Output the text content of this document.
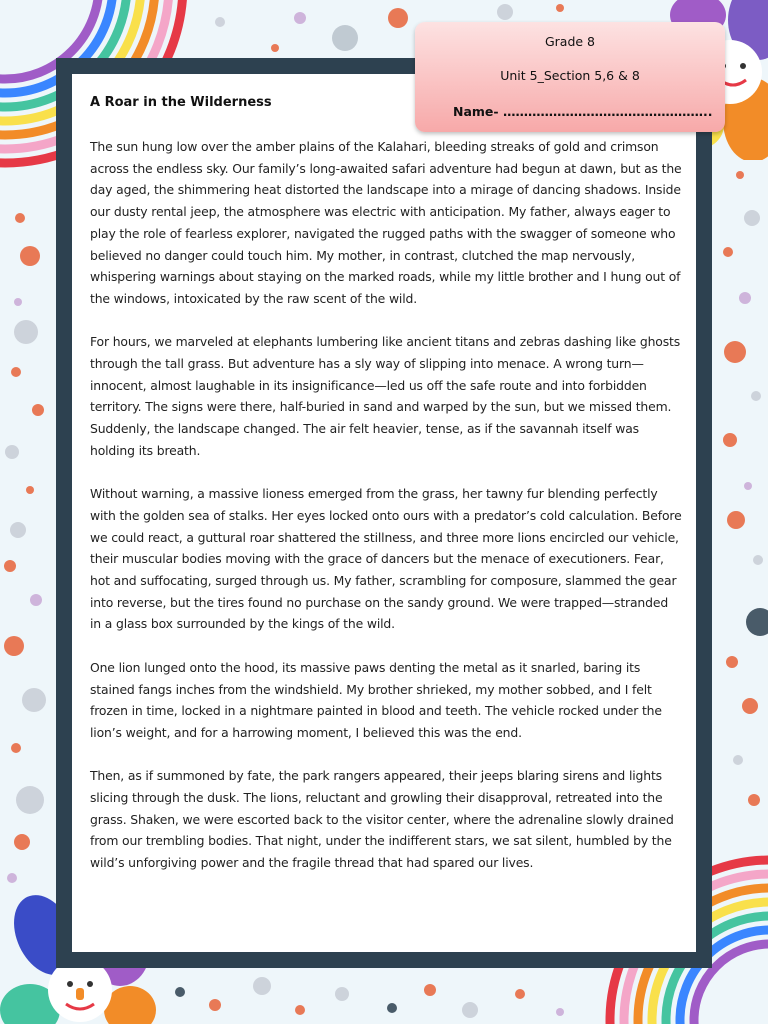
Grade 8
Unit 5_Section 5,6 & 8
Name- …………………………………………..
A Roar in the Wilderness

The sun hung low over the amber plains of the Kalahari, bleeding streaks of gold and crimson across the endless sky. Our family’s long-awaited safari adventure had begun at dawn, but as the day aged, the shimmering heat distorted the landscape into a mirage of dancing shadows. Inside our dusty rental jeep, the atmosphere was electric with anticipation. My father, always eager to play the role of fearless explorer, navigated the rugged paths with the swagger of someone who believed no danger could touch him. My mother, in contrast, clutched the map nervously, whispering warnings about staying on the marked roads, while my little brother and I hung out of the windows, intoxicated by the raw scent of the wild.

For hours, we marveled at elephants lumbering like ancient titans and zebras dashing like ghosts through the tall grass. But adventure has a sly way of slipping into menace. A wrong turn—innocent, almost laughable in its insignificance—led us off the safe route and into forbidden territory. The signs were there, half-buried in sand and warped by the sun, but we missed them. Suddenly, the landscape changed. The air felt heavier, tense, as if the savannah itself was holding its breath.

Without warning, a massive lioness emerged from the grass, her tawny fur blending perfectly with the golden sea of stalks. Her eyes locked onto ours with a predator’s cold calculation. Before we could react, a guttural roar shattered the stillness, and three more lions encircled our vehicle, their muscular bodies moving with the grace of dancers but the menace of executioners. Fear, hot and suffocating, surged through us. My father, scrambling for composure, slammed the gear into reverse, but the tires found no purchase on the sandy ground. We were trapped—stranded in a glass box surrounded by the kings of the wild.

One lion lunged onto the hood, its massive paws denting the metal as it snarled, baring its stained fangs inches from the windshield. My brother shrieked, my mother sobbed, and I felt frozen in time, locked in a nightmare painted in blood and teeth. The vehicle rocked under the lion’s weight, and for a harrowing moment, I believed this was the end.

Then, as if summoned by fate, the park rangers appeared, their jeeps blaring sirens and lights slicing through the dusk. The lions, reluctant and growling their disapproval, retreated into the grass. Shaken, we were escorted back to the visitor center, where the adrenaline slowly drained from our trembling bodies. That night, under the indifferent stars, we sat silent, humbled by the wild’s unforgiving power and the fragile thread that had spared our lives.
